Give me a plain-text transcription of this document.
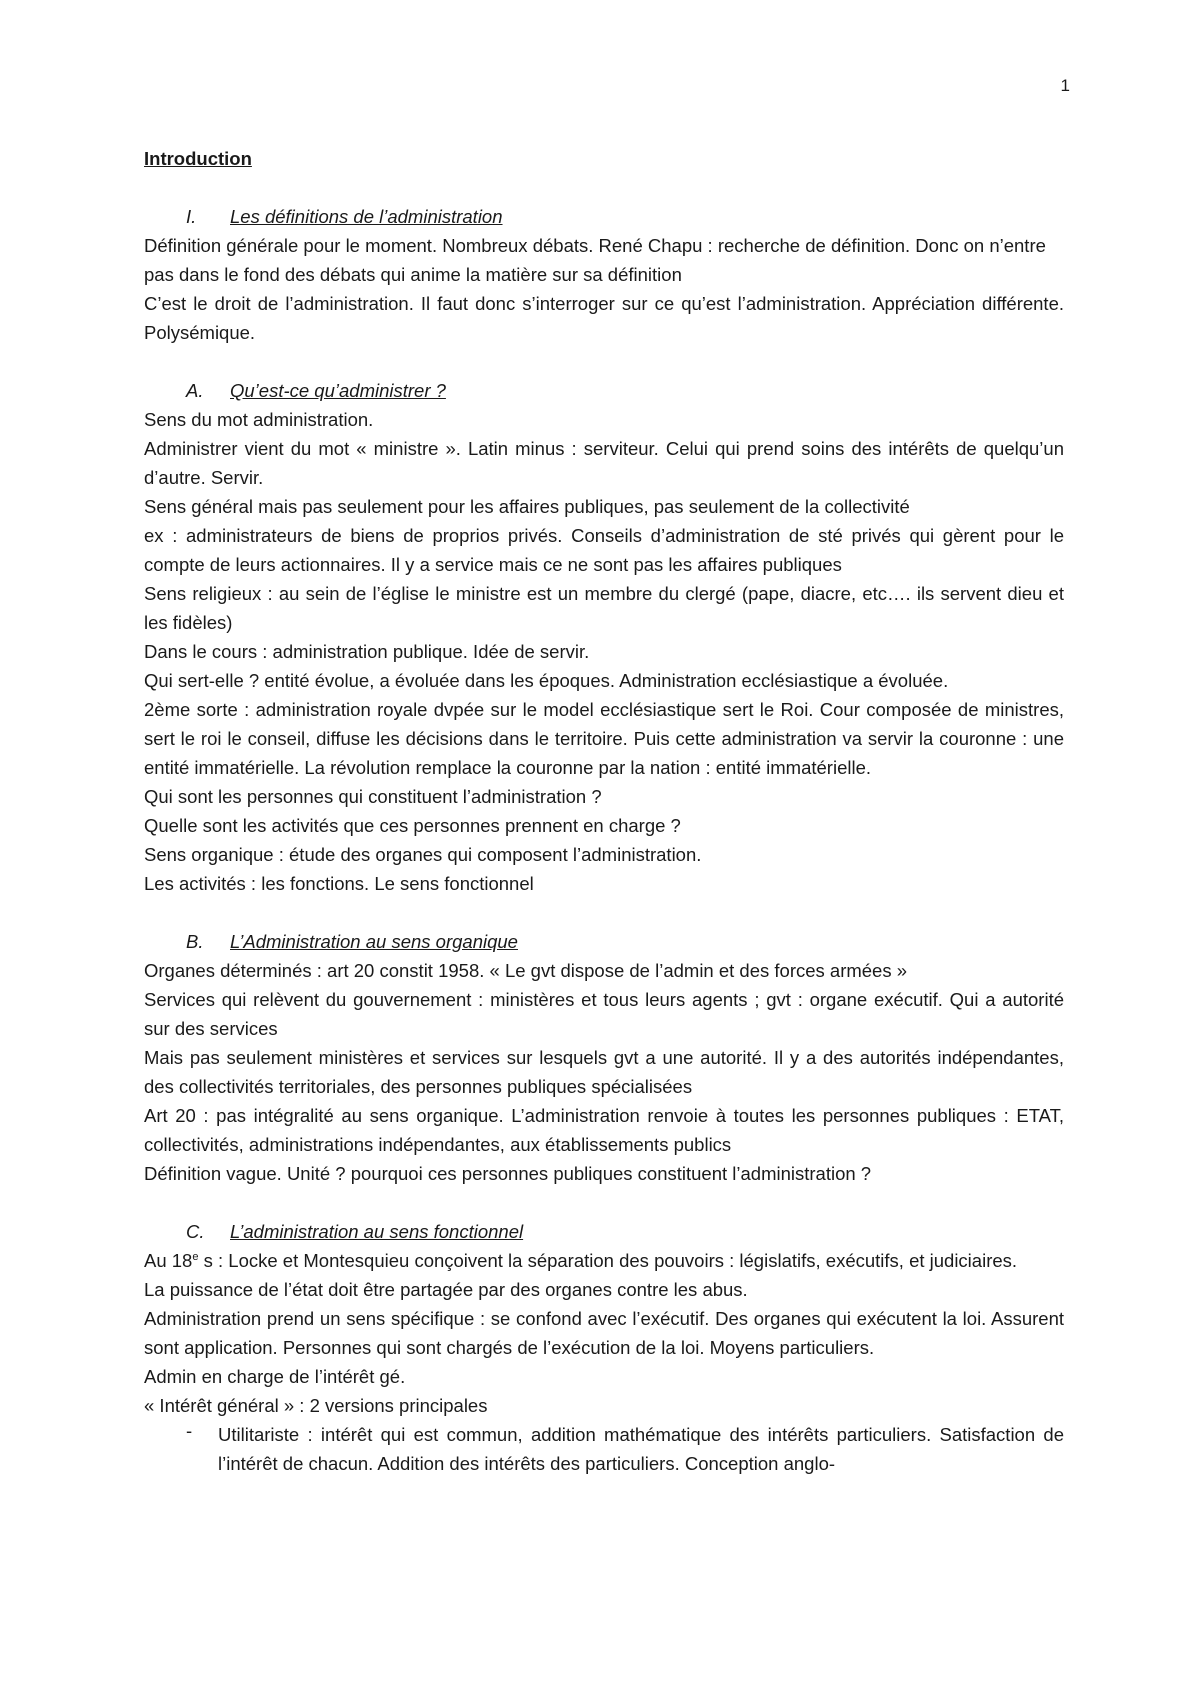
1

Introduction

I.	Les définitions de l’administration

Définition générale pour le moment. Nombreux débats. René Chapu : recherche de définition. Donc on n’entre pas dans le fond des débats qui anime la matière sur sa définition

C’est le droit de l’administration. Il faut donc s’interroger sur ce qu’est l’administration. Appréciation différente. Polysémique.

A.	Qu’est-ce qu’administrer ?

Sens du mot administration.

Administrer vient du mot « ministre ». Latin minus : serviteur. Celui qui prend soins des intérêts de quelqu’un d’autre. Servir.

Sens général mais pas seulement pour les affaires publiques, pas seulement de la collectivité

ex : administrateurs de biens de proprios privés. Conseils d’administration de sté privés qui gèrent pour le compte de leurs actionnaires. Il y a service mais ce ne sont pas les affaires publiques

Sens religieux : au sein de l’église le ministre est un membre du clergé (pape, diacre, etc…. ils servent dieu et les fidèles)

Dans le cours : administration publique. Idée de servir.

Qui sert-elle ? entité évolue, a évoluée dans les époques. Administration ecclésiastique a évoluée.

2ème sorte : administration royale dvpée sur le model ecclésiastique sert le Roi. Cour composée de ministres, sert le roi le conseil, diffuse les décisions dans le territoire. Puis cette administration va servir la couronne : une entité immatérielle. La révolution remplace la couronne par la nation : entité immatérielle.

Qui sont les personnes qui constituent l’administration ?

Quelle sont les activités que ces personnes prennent en charge ?

Sens organique : étude des organes qui composent l’administration.

Les activités : les fonctions. Le sens fonctionnel

B.	L’Administration au sens organique

Organes déterminés : art 20 constit 1958. « Le gvt dispose de l’admin et des forces armées »

Services qui relèvent du gouvernement : ministères et tous leurs agents ; gvt : organe exécutif. Qui a autorité sur des services

Mais pas seulement ministères et services sur lesquels gvt a une autorité. Il y a des autorités indépendantes, des collectivités territoriales, des personnes publiques spécialisées

Art 20 : pas intégralité au sens organique. L’administration renvoie à toutes les personnes publiques : ETAT, collectivités, administrations indépendantes, aux établissements publics

Définition vague. Unité ? pourquoi ces personnes publiques constituent l’administration ?

C.	L’administration au sens fonctionnel

Au 18e s : Locke et Montesquieu conçoivent la séparation des pouvoirs : législatifs, exécutifs, et judiciaires.

La puissance de l’état doit être partagée par des organes contre les abus.

Administration prend un sens spécifique : se confond avec l’exécutif. Des organes qui exécutent la loi. Assurent sont application. Personnes qui sont chargés de l’exécution de la loi. Moyens particuliers.

Admin en charge de l’intérêt gé.

« Intérêt général » : 2 versions principales

-	Utilitariste : intérêt qui est commun, addition mathématique des intérêts particuliers. Satisfaction de l’intérêt de chacun. Addition des intérêts des particuliers. Conception anglo-
